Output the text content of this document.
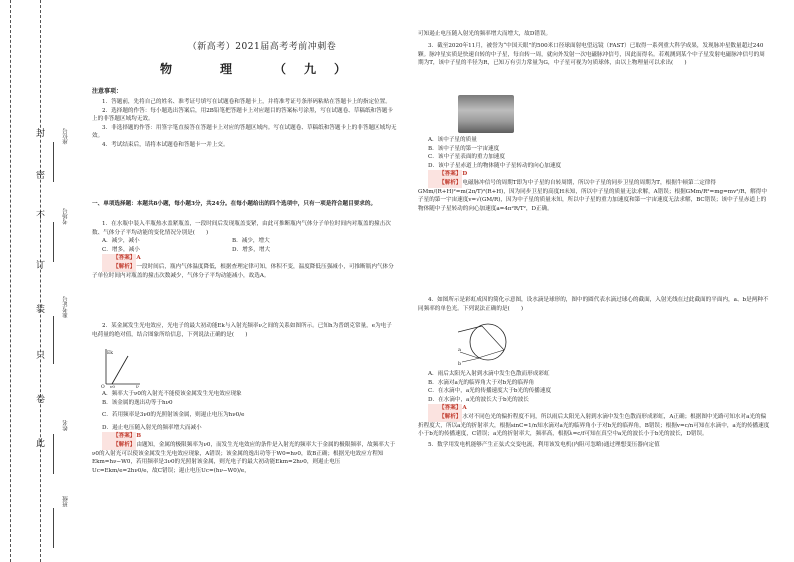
封
密
不
订
装
只
卷
此
座位号
考场号
准考证号
姓名
班级
（新高考）2021届高考考前冲刺卷
物　理　（九）
注意事项：

1．答题前，先将自己的姓名、准考证号填写在试题卷和答题卡上，并将准考证号条形码粘贴在答题卡上的指定位置。

2．选择题的作答：每小题选出答案后，用2B铅笔把答题卡上对应题目的答案标号涂黑，写在试题卷、草稿纸和答题卡上的非答题区域均无效。

3．非选择题的作答：用签字笔直接答在答题卡上对应的答题区域内。写在试题卷、草稿纸和答题卡上的非答题区域均无效。

4．考试结束后，请将本试题卷和答题卡一并上交。

一、单项选择题：本题共8小题，每小题3分，共24分。在每小题给出的四个选项中，只有一项是符合题目要求的。

1．在水瓶中装入半瓶热水盖紧瓶盖，一段时间后发现瓶盖变紧，由此可推断瓶内气体分子单位时间内对瓶盖的撞击次数、气体分子平均动能的变化情况分别是(　　)

A．减少，减小	B．减少，增大
C．增多，减小	D．增多，增大

【答案】A

【解析】一段时间后，瓶内气体温度降低，根据查理定律可知，体积不变，温度降低压强减小，可推断瓶内气体分子单位时间内对瓶盖的撞击次数减少，气体分子平均动能减小，故选A。

2．某金属发生光电效应，光电子的最大初动能Ek与入射光频率ν之间的关系如图所示。已知h为普朗克常量，e为电子电荷量的绝对值，结合图象所给信息，下列说法正确的是(　　)

Ek
ν
O ν0

A．频率大于ν0的入射光不能使该金属发生光电效应现象

B．该金属的逸出功等于hν0

C．若用频率是3ν0的光照射该金属，则遏止电压为hν0/e

D．遏止电压随入射光的频率增大而减小

【答案】B

【解析】由题知，金属的极限频率为ν0，而发生光电效应的条件是入射光的频率大于金属的极限频率，故频率大于ν0的入射光可以使该金属发生光电效应现象，A错误；该金属的逸出功等于W0=hν0，故B正确；根据光电效应方程知Ekm=hν−W0，若用频率是3ν0的光照射该金属，则光电子的最大初动能Ekm=2hν0，则遏止电压Uc=Ekm/e=2hν0/e，故C错误；遏止电压Uc=(hν−W0)/e，

可知遏止电压随入射光的频率增大而增大，故D错误。

3．截至2020年11月，被誉为“中国天眼”的500米口径球面射电望远镜（FAST）已取得一系列重大科学成果，发现脉冲星数量超过240颗。脉冲星实质是快速自转的中子星，每自转一周，就向外发射一次电磁脉冲信号，因此而得名。若观测到某个中子星发射电磁脉冲信号的周期为T，该中子星的半径为R，已知万有引力常量为G，中子星可视为匀质球体，由以上物理量可以求出(　　)

A．该中子星的质量

B．该中子星的第一宇宙速度

C．该中子星表面的重力加速度

D．该中子星赤道上的物体随中子星转动的向心加速度

【答案】D

【解析】电磁脉冲信号的周期T即为中子星的自转周期，所以中子星的同步卫星的周期为T，根据牛顿第二定律得GMm/(R+H)²=m(2π/T)²(R+H)，因为同步卫星的高度H未知，所以中子星的质量无法求解，A错误；根据GMm/R²=mg=mv²/R，解得中子星的第一宇宙速度v=√(GM/R)，因为中子星的质量未知，所以中子星的重力加速度和第一宇宙速度无法求解，BC错误；该中子星赤道上的物体随中子星转动的向心加速度a=4π²R/T²，D正确。

4．如图所示是彩虹成因的简化示意图，设水滴是球形的，图中的圆代表水滴过球心的截面，入射光线在过此截面的平面内，a、b是两种不同频率的单色光。下列说法正确的是(　　)

a
b

A．雨后太阳光入射到水滴中发生色散而形成彩虹

B．水滴对a光的临界角大于对b光的临界角

C．在水滴中，a光的传播速度大于b光的传播速度

D．在水滴中，a光的波长大于b光的波长

【答案】A

【解析】水对不同色光的偏折程度不同，所以雨后太阳光入射到水滴中发生色散而形成彩虹，A正确；根据图中光路可知水对a光的偏折程度大，所以a光的折射率大，根据sinC=1/n知水滴对a光的临界角小于对b光的临界角，B错误；根据v=c/n可知在水滴中，a光的传播速度小于b光的传播速度，C错误；a光的折射率大，频率高，根据λ=c/f可知在真空中a光的波长小于b光的波长，D错误。

5．数学用发电机能够产生正弦式交变电流，利用该发电机(内阻可忽略)通过理想变压器向定值
